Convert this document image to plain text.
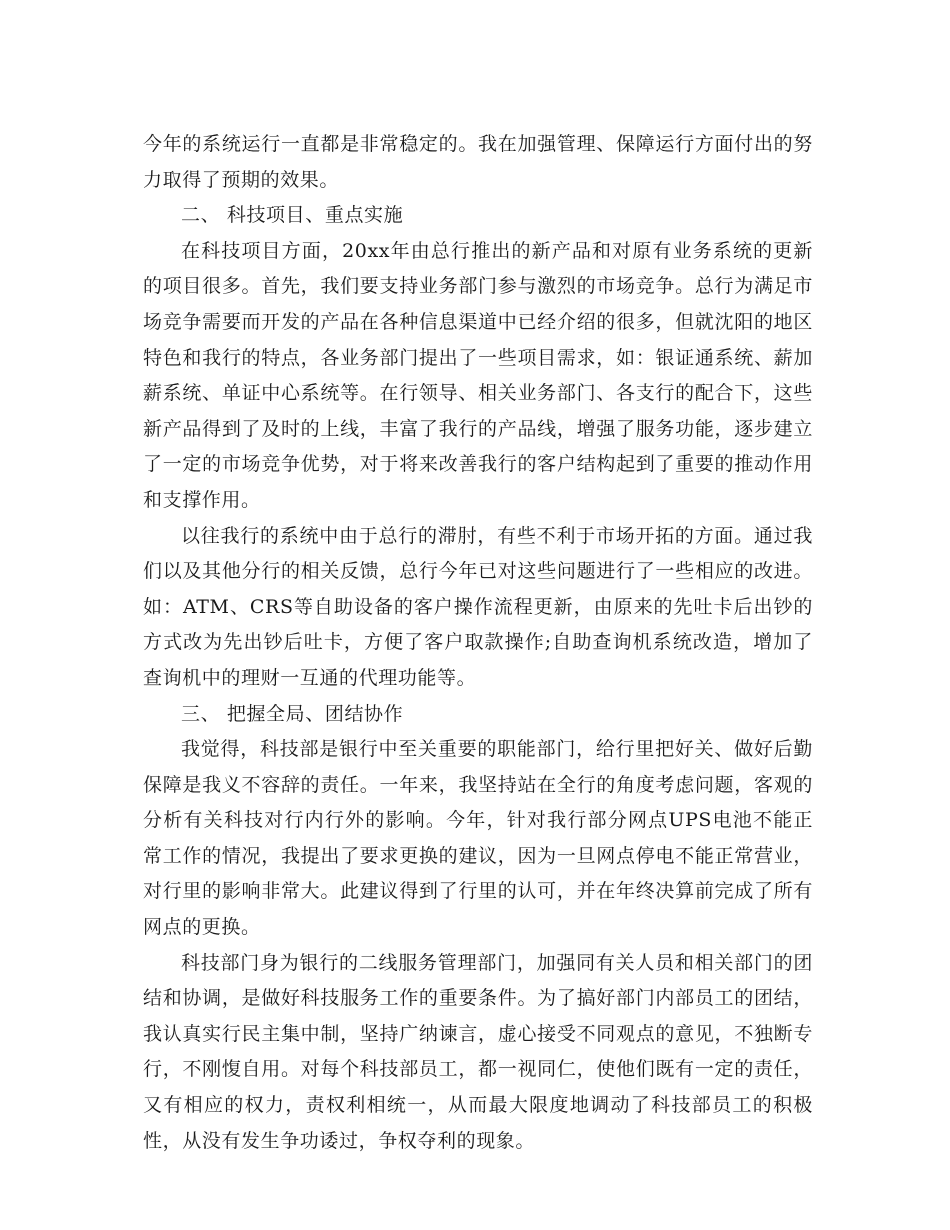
今年的系统运行一直都是非常稳定的。我在加强管理、保障运行方面付出的努力取得了预期的效果。

二、 科技项目、重点实施

在科技项目方面，20xx年由总行推出的新产品和对原有业务系统的更新的项目很多。首先，我们要支持业务部门参与激烈的市场竞争。总行为满足市场竞争需要而开发的产品在各种信息渠道中已经介绍的很多，但就沈阳的地区特色和我行的特点，各业务部门提出了一些项目需求，如：银证通系统、薪加薪系统、单证中心系统等。在行领导、相关业务部门、各支行的配合下，这些新产品得到了及时的上线，丰富了我行的产品线，增强了服务功能，逐步建立了一定的市场竞争优势，对于将来改善我行的客户结构起到了重要的推动作用和支撑作用。

以往我行的系统中由于总行的滞肘，有些不利于市场开拓的方面。通过我们以及其他分行的相关反馈，总行今年已对这些问题进行了一些相应的改进。如：ATM、CRS等自助设备的客户操作流程更新，由原来的先吐卡后出钞的方式改为先出钞后吐卡，方便了客户取款操作;自助查询机系统改造，增加了查询机中的理财一互通的代理功能等。

三、 把握全局、团结协作

我觉得，科技部是银行中至关重要的职能部门，给行里把好关、做好后勤保障是我义不容辞的责任。一年来，我坚持站在全行的角度考虑问题，客观的分析有关科技对行内行外的影响。今年，针对我行部分网点UPS电池不能正常工作的情况，我提出了要求更换的建议，因为一旦网点停电不能正常营业，对行里的影响非常大。此建议得到了行里的认可，并在年终决算前完成了所有网点的更换。

科技部门身为银行的二线服务管理部门，加强同有关人员和相关部门的团结和协调，是做好科技服务工作的重要条件。为了搞好部门内部员工的团结，我认真实行民主集中制，坚持广纳谏言，虚心接受不同观点的意见，不独断专行，不刚愎自用。对每个科技部员工，都一视同仁，使他们既有一定的责任，又有相应的权力，责权利相统一，从而最大限度地调动了科技部员工的积极性，从没有发生争功诿过，争权夺利的现象。
